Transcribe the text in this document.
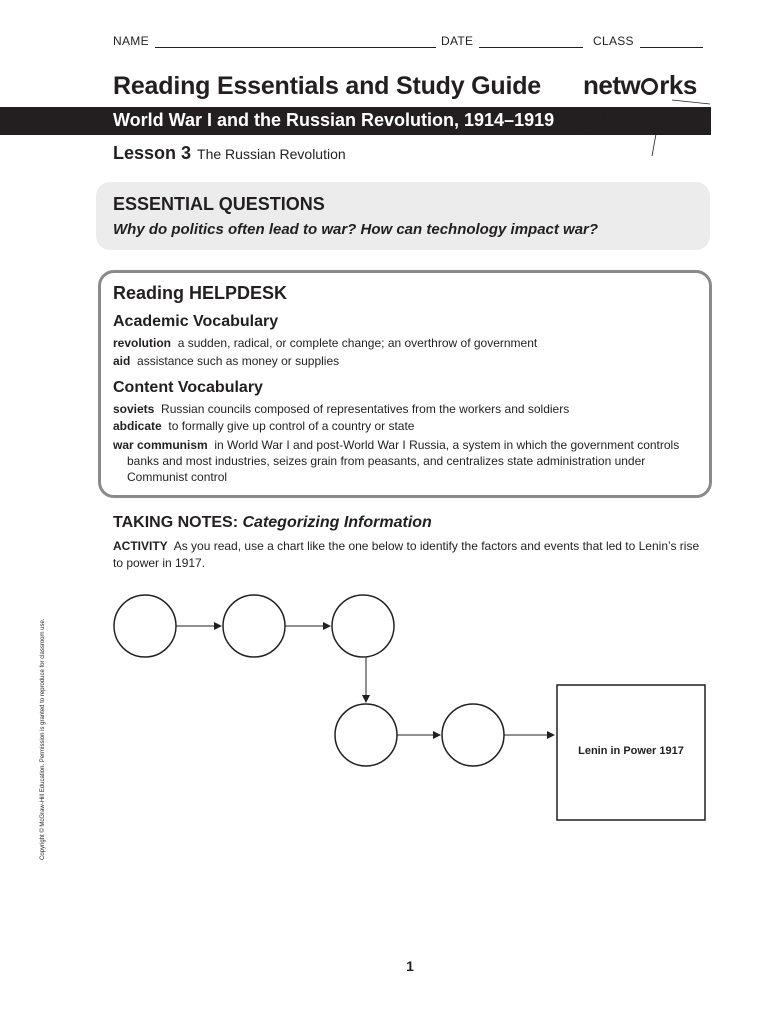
NAME	DATE	CLASS
Reading Essentials and Study Guide netw rks
World War I and the Russian Revolution, 1914–1919
Lesson 3 The Russian Revolution
ESSENTIAL QUESTIONS
Why do politics often lead to war? How can technology impact war?
Reading HELPDESK
Academic Vocabulary
revolution a sudden, radical, or complete change; an overthrow of government
aid assistance such as money or supplies
Content Vocabulary
soviets Russian councils composed of representatives from the workers and soldiers
abdicate to formally give up control of a country or state
war communism in World War I and post-World War I Russia, a system in which the government controls banks and most industries, seizes grain from peasants, and centralizes state administration under Communist control
TAKING NOTES: Categorizing Information
ACTIVITY As you read, use a chart like the one below to identify the factors and events that led to Lenin’s rise to power in 1917.
Lenin in Power 1917
Copyright © McGraw-Hill Education. Permission is granted to reproduce for classroom use.
1
